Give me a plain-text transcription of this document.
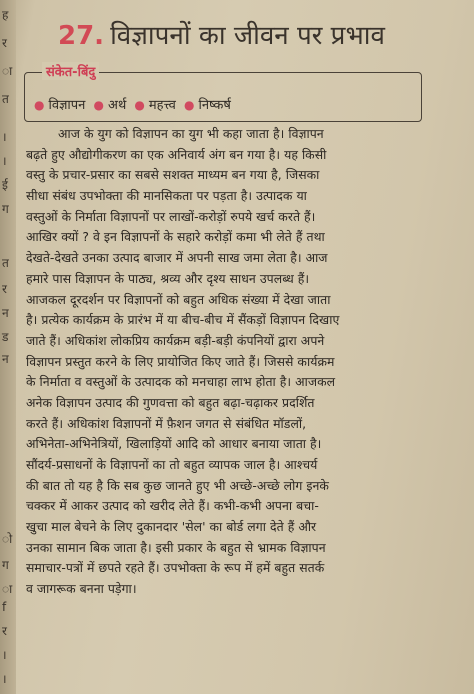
ह
र
ा
त
।
।
ई
ग
त
र
न
ड
न
ो
ग
ा
f
र
।
।
27. विज्ञापनों का जीवन पर प्रभाव
संकेत-बिंदु
● विज्ञापन ● अर्थ ● महत्त्व ● निष्कर्ष
आज के युग को विज्ञापन का युग भी कहा जाता है। विज्ञापन
बढ़ते हुए औद्योगीकरण का एक अनिवार्य अंग बन गया है। यह किसी
वस्तु के प्रचार-प्रसार का सबसे सशक्त माध्यम बन गया है, जिसका
सीधा संबंध उपभोक्ता की मानसिकता पर पड़ता है। उत्पादक या
वस्तुओं के निर्माता विज्ञापनों पर लाखों-करोड़ों रुपये खर्च करते हैं।
आखिर क्यों ? वे इन विज्ञापनों के सहारे करोड़ों कमा भी लेते हैं तथा
देखते-देखते उनका उत्पाद बाजार में अपनी साख जमा लेता है। आज
हमारे पास विज्ञापन के पाठ्य, श्रव्य और दृश्य साधन उपलब्ध हैं।
आजकल दूरदर्शन पर विज्ञापनों को बहुत अधिक संख्या में देखा जाता
है। प्रत्येक कार्यक्रम के प्रारंभ में या बीच-बीच में सैंकड़ों विज्ञापन दिखाए
जाते हैं। अधिकांश लोकप्रिय कार्यक्रम बड़ी-बड़ी कंपनियों द्वारा अपने
विज्ञापन प्रस्तुत करने के लिए प्रायोजित किए जाते हैं। जिससे कार्यक्रम
के निर्माता व वस्तुओं के उत्पादक को मनचाहा लाभ होता है। आजकल
अनेक विज्ञापन उत्पाद की गुणवत्ता को बहुत बढ़ा-चढ़ाकर प्रदर्शित
करते हैं। अधिकांश विज्ञापनों में फ़ैशन जगत से संबंधित मॉडलों,
अभिनेता-अभिनेत्रियों, खिलाड़ियों आदि को आधार बनाया जाता है।
सौंदर्य-प्रसाधनों के विज्ञापनों का तो बहुत व्यापक जाल है। आश्चर्य
की बात तो यह है कि सब कुछ जानते हुए भी अच्छे-अच्छे लोग इनके
चक्कर में आकर उत्पाद को खरीद लेते हैं। कभी-कभी अपना बचा-
खुचा माल बेचने के लिए दुकानदार 'सेल' का बोर्ड लगा देते हैं और
उनका सामान बिक जाता है। इसी प्रकार के बहुत से भ्रामक विज्ञापन
समाचार-पत्रों में छपते रहते हैं। उपभोक्ता के रूप में हमें बहुत सतर्क
व जागरूक बनना पड़ेगा।
